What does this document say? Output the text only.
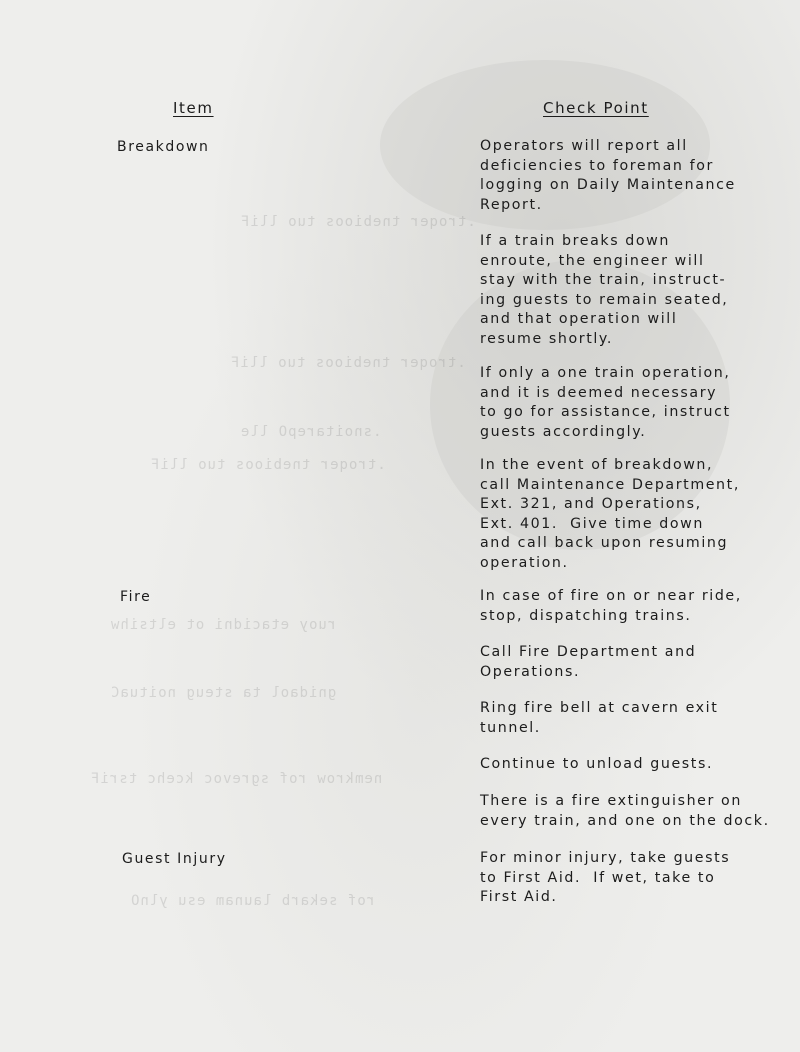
.troqer tnebioos tuo lliF
.troqer tnebioos tuo lliF
.snoitarepO lle
.troqer tnebioos tuo lliF
ruoy etacidni ot eltsihw
gnidaol ta steug noituaC
nemkrow rof sgrevoc kcehc tsriF
rof sekarb launam esu ylnO
Item	Check Point
Breakdown
Fire
Guest Injury
Operators will report all
deficiencies to foreman for
logging on Daily Maintenance
Report.
If a train breaks down
enroute, the engineer will
stay with the train, instruct-
ing guests to remain seated,
and that operation will
resume shortly.
If only a one train operation,
and it is deemed necessary
to go for assistance, instruct
guests accordingly.
In the event of breakdown,
call Maintenance Department,
Ext. 321, and Operations,
Ext. 401.  Give time down
and call back upon resuming
operation.
In case of fire on or near ride,
stop, dispatching trains.
Call Fire Department and
Operations.
Ring fire bell at cavern exit
tunnel.
Continue to unload guests.
There is a fire extinguisher on
every train, and one on the dock.
For minor injury, take guests
to First Aid.  If wet, take to
First Aid.
